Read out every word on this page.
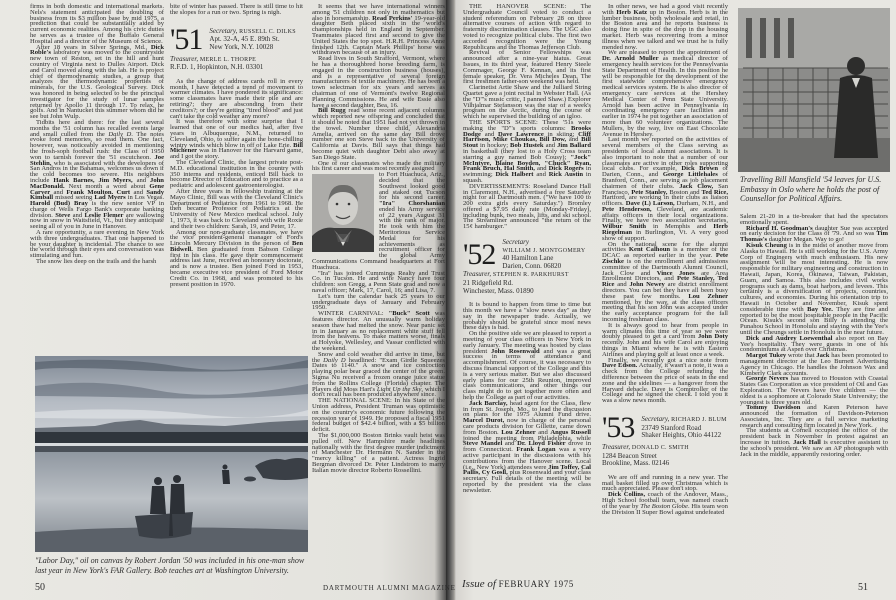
firms in both domestic and international markets. Nels's statement anticipated the doubling of business from its $3 million base by mid 1975, a prediction that could be substantially aided by current economic realities. Among his civic duties he serves as a trustee of the Buffalo General Hospital and a director of the Museum of Science.

After 18 years in Silver Springs, Md., Dick Roble's laboratory was moved to the countryside new town of Reston, set in the hill and hunt country of Virginia next to Dulles Airport. Dick and Carol moved along with the lab. He is project chief of thermodynamic studies, a group that analyzes the thermodynamic properties of minerals, for the U.S. Geological Survey. Dick was honored in being selected to be the principal investigator for the study of lunar samples returned by Apollo 11 through 17. To relax, he golfs. And in Nantucket this summer whom did he see but John Wulp.

Tidbits here and there: for the last several months the '51 column has recalled events large and small culled from the Daily D. The notes evoke fond memories, so read them. One fact, however, was noticeably avoided in mentioning the frosh-soph football rush: the Class of 1950 won to tarnish forever the '51 escutcheon. Joe Stehlin, who is associated with the developers of San Andros in the Bahamas, welcomes us down if the cold becomes too severe. His neighbors include Hank Barnes, Jim Myers, and John MacDonald. Next month a word about Gene Carver and Frank Moulton. Curt and Sandy Kimball missed seeing Lad Myers in Los Vegas. Harold (Bud) Bray is the new senior VP in charge of Wells Fargo Bank's corporate banking division. Steve and Leslie Flemer are wallowing now in snow in Waitsfield, Vt., but they anticipate seeing all of you in June in Hanover.

A rare opportunity, a rare evening in New York with three undergraduates. That one happened to be your daughter is incidental. The chance to see the world through their eyes and conversation was stimulating and fun.

The snow lies deep on the trails and the harsh

bite of winter has passed. There is still time to hit the slopes for a run or two. Spring is nigh.

'51 Secretary, RUSSELL C. DILKS
Apt. 32-A, 45 E. 89th St.
New York, N.Y. 10028
Treasurer, MERLE L. THORPE
R.F.D. 1, Hopkinton, N.H. 03301

As the change of address cards roll in every month, I have detected a trend of movement to warmer climates. I have pondered its significance: some classmates have made their pile and are retiring?; they are absconding from their creditors?; or they're getting "tired blood" and just can't take the cold weather any more?

It was therefore with some surprise that I learned that one of our medics had, after five years in Albuquerque, N.M., returned to Cleveland, Ohio, to suffer again the bone-chilling wintry winds which blow in off of Lake Erie. Bill Michener was in Hanover for the Harvard game, and I got the story.

The Cleveland Clinic, the largest private post-M.D. educational institution in the country with 350 interns and residents, enticed Bill back to become Director of Education and to practice as a pediatric and adolescent gastroenterologist.

After three years in fellowship training at the Mayo Clinic, Bill was with the Cleveland Clinic's Department of Pediatrics from 1961 to 1968. He then became Professor of Pediatrics at the University of New Mexico medical school. July 1, 1973, it was back to Cleveland with wife Roxie and their two children: Sarah, 19, and Peter, 17.

Among our non-graduate classmates, we have the vice president-general manager of Ford's Lincoln Mercury Division in the person of Ben Bidwell. Ben graduated from Babson College first in his class. He gave their commencement address last June, received an honorary doctorate, and is now a trustee. Ben joined Ford in 1953, became executive vice president of Ford Motor Credit Co. in 1968, and was promoted to his present position in 1970.

It seems that we have international winners among '51 children not only in mathematics but also in horsemanship. Read Perkins' 19-year-old daughter Beth placed sixth in the world's championships held in England in September. Teammates placed first and second to give the United States the top spot. H.R.H. Princess Anne finished 12th. Captain Mark Phillips' horse was withdrawn because of an injury.

Read lives in South Strafford, Vermont, where he has a thoroughbred horse breeding farm, is engaged in the construction business (houses), and is a representative of several foreign manufacturers of textile machinery. He has been a town selectman for six years and serves as chairman of one of Vermont's twelve Regional Planning Commissions. He and wife Essie also have a second daughter, Bea, 16.

Bill Rugg read some recent adjacent columns which reported new offspring and concluded that it should be noted that 1951 had not yet thrown in the towel. Number three child, Alexandria Amelia, arrived on the same day Bill drove number one son Steve back to the University of California at Davis. Bill says that things had become quiet with daughter Debi also away at San Diego State.

One of our classmates who made the military his first career and was most recently assigned

to Fort Huachuca, Ariz., decided that the Southwest looked good and staked out Tucson for his second career. "Ira" Chorshanian ended his Army service of 22 years August 31 with the rank of major. He took with him the Meritorious Service Medal for his achievements as recruitment officer for the global Army Communications Command headquarters at Fort Huachuca.

"Ira" has joined Cummings Realty and Trust Co. in Tucson. He and wife Nancy have four children: son Gregg, a Penn State grad and now a naval officer; Mark, 17, Carol, 16; and Lisa, 7.

Let's turn the calendar back 25 years to our undergraduate days of January and February 1950.

WINTER CARNIVAL: "Buck" Scott was features director. An unusually warm holiday season thaw had melted the snow. Near panic set in in January as no replacement white stuff fell from the heavens. To make matters worse, finals at Holyoke, Wellesley, and Vassar conflicted with the weekend.

Snow and cold weather did arrive in time, but the Daily D headlined: "Exam Girdle Squeezes Dates to 1140." A snow and ice concoction playing polar bear graced the center of the green. Sigma Nu received a frozen orange juice statue from the Rollins College (Florida) chapter. The Players did Moss Hart's Light Up the Sky, which I don't recall has been produced anywhere since.

THE NATIONAL SCENE: In his State of the Union address, President Truman was optimistic on the country's economic future following the recession year of 1949. He proposed a fiscal 1951 federal budget of $42.4 billion, with a $5 billion deficit.

The $1,000,000 Boston Brinks vault heist was pulled off. New Hampshire made headlines nationally with the first degree murder indictment of Manchester Dr. Hermann N. Sander in the "mercy killing" of a patient. Actress Ingrid Bergman divorced Dr. Peter Lindstrom to marry Italian movie director Roberto Rossellini.

"Labor Day," oil on canvas by Robert Jordan '50 was included in his one-man show last year in New York's FAR Gallery. Bob teaches art at Washington University.
50	DARTMOUTH ALUMNI MAGAZINE

THE HANOVER SCENE: The Undergraduate Council voted to conduct a student referendum on February 28 on three alternative courses of action with regard to fraternity discrimination clauses. The UGC also voted to recognize political clubs. The first two accorded recognition were the Young Republicans and the Thomas Jefferson Club.

Revival of Senior Fellowships was announced after a nine-year hiatus. Great Issues, in its third year, featured Henry Steele Commager, George F. Kennan, and its first female speaker, Dr. Vera Micheles Dean. The first freshmen father-son weekend was held.

Clarinetist Artie Shaw and the Julliard String Quartet gave a joint recital in Webster Hall. (As the "D"'s music critic, I panned Shaw.) Explorer Vilhjalmar Stefansson was the star of a week's program on the Arctic, during the course of which he supervised the building of an igloo.

THE SPORTS SCENE: These '51s were making the "D"'s sports columns: Brooks Dodge and Dave Lawrence in skiing; Cliff Harrison, Mike Choukas, Bill Dow, and Bill Stout in hockey; Bob Hustek and Jim Ballard in basketball (they lost to a Holy Cross team starring a guy named Bob Cousy); "Jock" McIntyre, Blaine Boyden, "Chuck" Ryan, Frank Bruch, Hal Smith, and Dick Rogers in swimming; Dick Halbert and Rick Austin in squash.

DIVERTISSEMENTS: Roseland Dance Hall in Claremont, N.H., advertised a free Saturday night for all Dartmouth men. ("We have 100 to 200 extra girls every Saturday.") Bromley offered a $7.95 daily rate (Monday-Friday), including bunk, two meals, lifts, and ski school. The Streamliner announced "the return of the 15¢ hamburger."

'52 Secretary
WILLIAM J. MONTGOMERY
40 Hamilton Lane
Darien, Conn. 06820
Treasurer, STEPHEN R. PARKHURST
21 Ridgefield Rd.
Winchester, Mass. 01890

It is bound to happen from time to time but this month we have a "slow news day" as they say in the newspaper trade. Actually, we probably should be grateful since most news these days is bad.

On the positive side we are pleased to report a meeting of your class officers in New York in early January. The meeting was hosted by class president John Rosenwald and was a great success in terms of attendance and accomplishment. Of course, it was necessary to discuss financial support of the College and this is a very serious matter. But we also discussed early plans for our 25th Reunion, improved class communications, and other things our class might do to get together more often and help the College as part of our activities.

Jack Barclay, head agent for the Class, flew in from St. Joseph, Mo., to lead the discussion on plans for the 1975 Alumni Fund drive. Marcel Durot, now in charge of the personal care products division for Gillette, came down from Boston. Lou Zehner and Angus Russell joined the meeting from Philadelphia, while Steve Mandel and Dr. Lloyd Fisher drove in from Connecticut. Frank Logan was a very active participant in the discussions with his contributions from the Hanover scene. Local (i.e., New York) attendees were Jim Toffey, Cal Pallis, Cy Gosll, plus Rosenwald and your class secretary. Full details of the meeting will be reported by the president via the class newsletter.

Issue of FEBRUARY 1975

In other news, we had a good visit recently with Herb Katz up in Boston. Herb is in the lumber business, both wholesale and retail, in the Boston area and he reports business is doing fine in spite of the drop in the housing market. Herb was recovering from a minor illness when we talked and we trust he is fully mended now.

We are pleased to report the appointment of Dr. Arnold Muller as medical director of emergency health services for the Pennsylvania State Department of Health. In this position he will be responsible for the development of the first statewide comprehensive emergency medical services system. He is also director of emergency care services at the Hershey Medical Center of Penn State University. Arnold has been active in Pennsylvania in coordinating emergency care facilities and earlier in 1974 he put together an association of more than 60 volunteer organizations. The Mullers, by the way, live on East Chocolate Avenue in Hershey.

Last month we reported on the activities of several members of the Class serving as presidents of local alumni associations. It is also important to note that a number of our classmates are active in other roles supporting local clubs. For example, Dick Brown of Darien, Conn., and George Littlehales of Branford, Conn., are serving as job placement chairmen of their clubs. Jack Clow, San Francisco, Pete Stanley, Boston and Ted Rice, Hartford, are working in their clubs as liaison officers. Dave (L) Larson, Durham, N.H., and Pete Henderson, Cleveland, are academic affairs officers in their local organizations. Finally, we have two association secretaries, Wilbur Smith in Memphis and Herb Riegelman in Burlington, Vt. A very good show of support.

On the national scene for the alumni activities Kent Calhoun is a member of the DCAC as reported earlier in the year. Pete Zischke is on the enrollment and admissions committee of the Dartmouth Alumni Council, Jack Clow and Vince Jones are Area Enrollment Directors, and Pete Stanley, Ted Rice and John Newey are district enrollment directors. You can bet they have all been busy these past few months. Lou Zehner mentioned, by the way, at the class officers meeting that his son John was accepted under the early acceptance program for the fall incoming freshman class.

It is always good to hear from people in warm climates this time of year so we were doubly pleased to get a card from John Doty recently. John and his wife Carol are enjoying things in Miami where he is with Eastern Airlines and playing golf at least once a week.

Finally, we recently got a nice note from Dave Edson. Actually, it wasn't a note, it was a check from the College refunding the difference between the price of seats in the end zone and the sidelines — a hangover from the Harvard debacle. Dave is Comptroller of the College and he signed the check. I told you it was a slow news month.

'53 Secretary, RICHARD J. BLUM
23749 Stanford Road
Shaker Heights, Ohio 44122
Treasurer, DONALD C. SMITH
1284 Beacon Street
Brookline, Mass. 02146

We are off and running in a new year. The mail basket filled up over Christmas which is much appreciated. Please don't stop.

Dick Collins, coach of the Andover, Mass., High School football team, was named coach of the year by The Boston Globe. His team won the Division II Super Bowl against undefeated

Travelling Bill Mansfield '54 leaves for U.S. Embassy in Oslo where he holds the post of Counsellor for Political Affairs.

Salem 21-20 in a tie-breaker that had the spectators emotionally spent.

Richard H. Goodman's daughter Sue was accepted on early decision for the Class of '79. And so was Tim Thomas's daughter Megan. Way to go!

Kisuk Cheung is in the midst of another move from Alaska to Hawaii. He is still working for the U.S. Army Corp of Engineers with much enthusiasm. His new assignment will be most interesting. He is now responsible for military engineering and construction in Hawaii, Japan, Korea, Okinawa, Taiwan, Pakistan, Guam, and Samoa. This also includes civil works programs such as dams, boat harbors, and levees. This certainly is a diversification of projects, countries, cultures, and economies. During his orientation trip to Hawaii in October and November, Kisuk spent considerable time with Bay Yee. They are fine and reported to be the most hospitable people in the Pacific Ocean. Kisuk's second son Billy is attending the Punahou School in Honolulu and staying with the Yee's until the Cheungs settle in Honolulu in the near future.

Dick and Audrey Loewenthal also report on Bay Yee's hospitality. They were guests in one of his condominiums at Aspen over Christmas.

Margot Tukey wrote that Jack has been promoted to management director at the Leo Burnett Advertising Agency in Chicago. He handles the Johnson Wax and Kimberly Clark accounts.

George Nevers has moved to Houston with Coastal States Gas Corporation as vice president of Oil and Gas Exploration. The Nevers have five children — the oldest is a sophomore at Colorado State University; the youngest is three years old.

Tommy Davidson and Karen Peterson have announced the formation of Davidson-Peterson Associates, Inc. They are a full service marketing research and consulting firm located in New York.

The students at Cornell occupied the office of the president back in November in protest against an increase in tuition. Jack Hall is executive assistant to the school's president. We saw an AP photograph with Jack in the middle, apparently restoring order.

51
